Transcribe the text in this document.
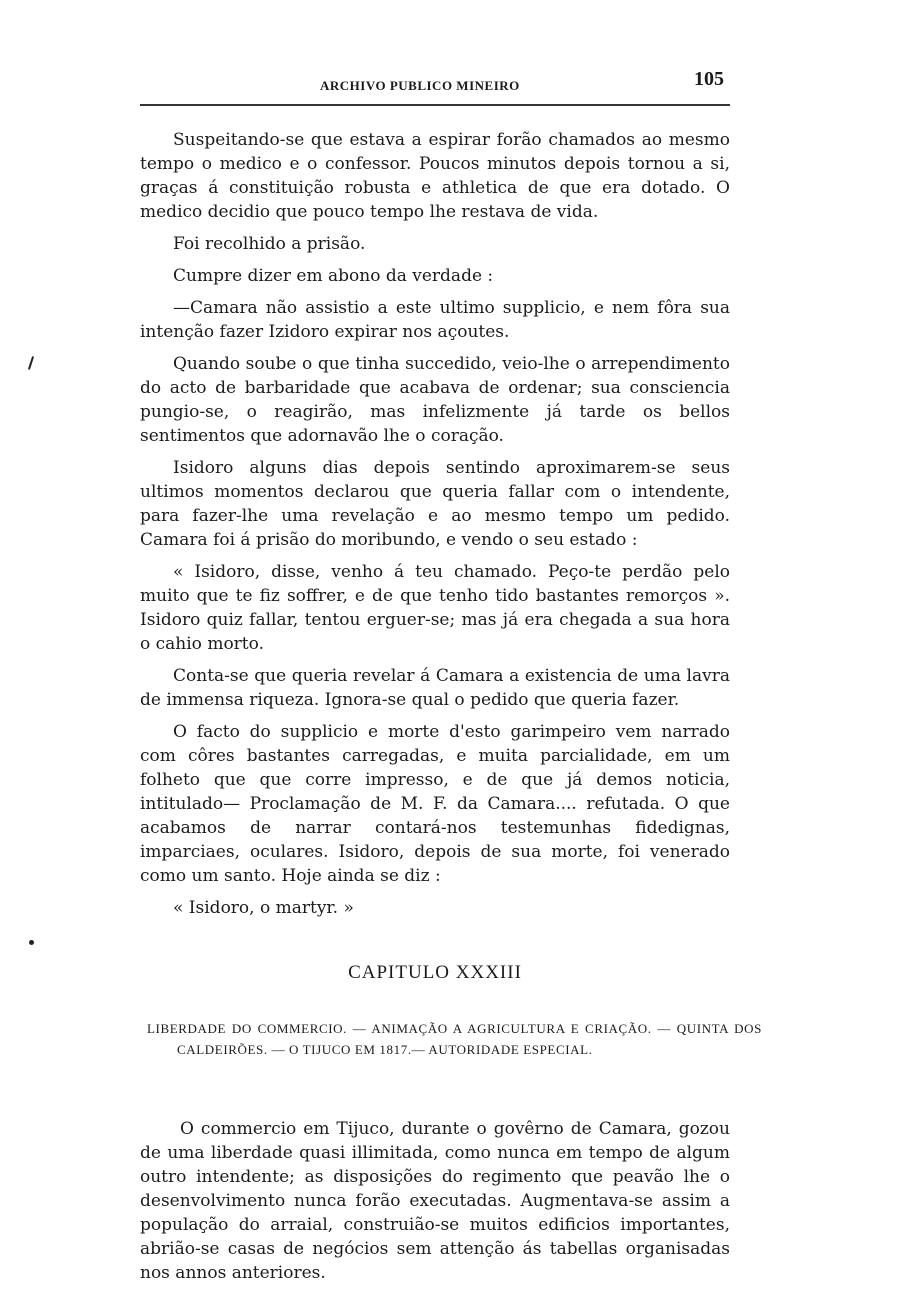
ARCHIVO PUBLICO MINEIRO	105

Suspeitando-se que estava a espirar forão chamados ao mesmo tempo o medico e o confessor. Poucos minutos depois tornou a si, graças á constituição robusta e athletica de que era dotado. O medico decidio que pouco tempo lhe restava de vida.

Foi recolhido a prisão.

Cumpre dizer em abono da verdade :

—Camara não assistio a este ultimo supplicio, e nem fôra sua intenção fazer Izidoro expirar nos açoutes.

Quando soube o que tinha succedido, veio-lhe o arrependimento do acto de barbaridade que acabava de ordenar; sua consciencia pungio-se, o reagirão, mas infelizmente já tarde os bellos sentimentos que adornavão lhe o coração.

Isidoro alguns dias depois sentindo aproximarem-se seus ultimos momentos declarou que queria fallar com o intendente, para fazer-lhe uma revelação e ao mesmo tempo um pedido. Camara foi á prisão do moribundo, e vendo o seu estado :

« Isidoro, disse, venho á teu chamado. Peço-te perdão pelo muito que te fiz soffrer, e de que tenho tido bastantes remorços ». Isidoro quiz fallar, tentou erguer-se; mas já era chegada a sua hora o cahio morto.

Conta-se que queria revelar á Camara a existencia de uma lavra de immensa riqueza. Ignora-se qual o pedido que queria fazer.

O facto do supplicio e morte d'esto garimpeiro vem narrado com côres bastantes carregadas, e muita parcialidade, em um folheto que que corre impresso, e de que já demos noticia, intitulado— Proclamação de M. F. da Camara.... refutada. O que acabamos de narrar contará-nos testemunhas fidedignas, imparciaes, oculares. Isidoro, depois de sua morte, foi venerado como um santo. Hoje ainda se diz :

« Isidoro, o martyr. »

CAPITULO XXXIII
LIBERDADE DO COMMERCIO. — ANIMAÇÃO A AGRICULTURA E CRIAÇÃO. — QUINTA DOS CALDEIRÕES. — O TIJUCO EM 1817.— AUTORIDADE ESPECIAL.

O commercio em Tijuco, durante o govêrno de Camara, gozou de uma liberdade quasi illimitada, como nunca em tempo de algum outro intendente; as disposições do regimento que peavão lhe o desenvolvimento nunca forão executadas. Augmentava-se assim a população do arraial, construião-se muitos edificios importantes, abrião-se casas de negócios sem attenção ás tabellas organisadas nos annos anteriores.
